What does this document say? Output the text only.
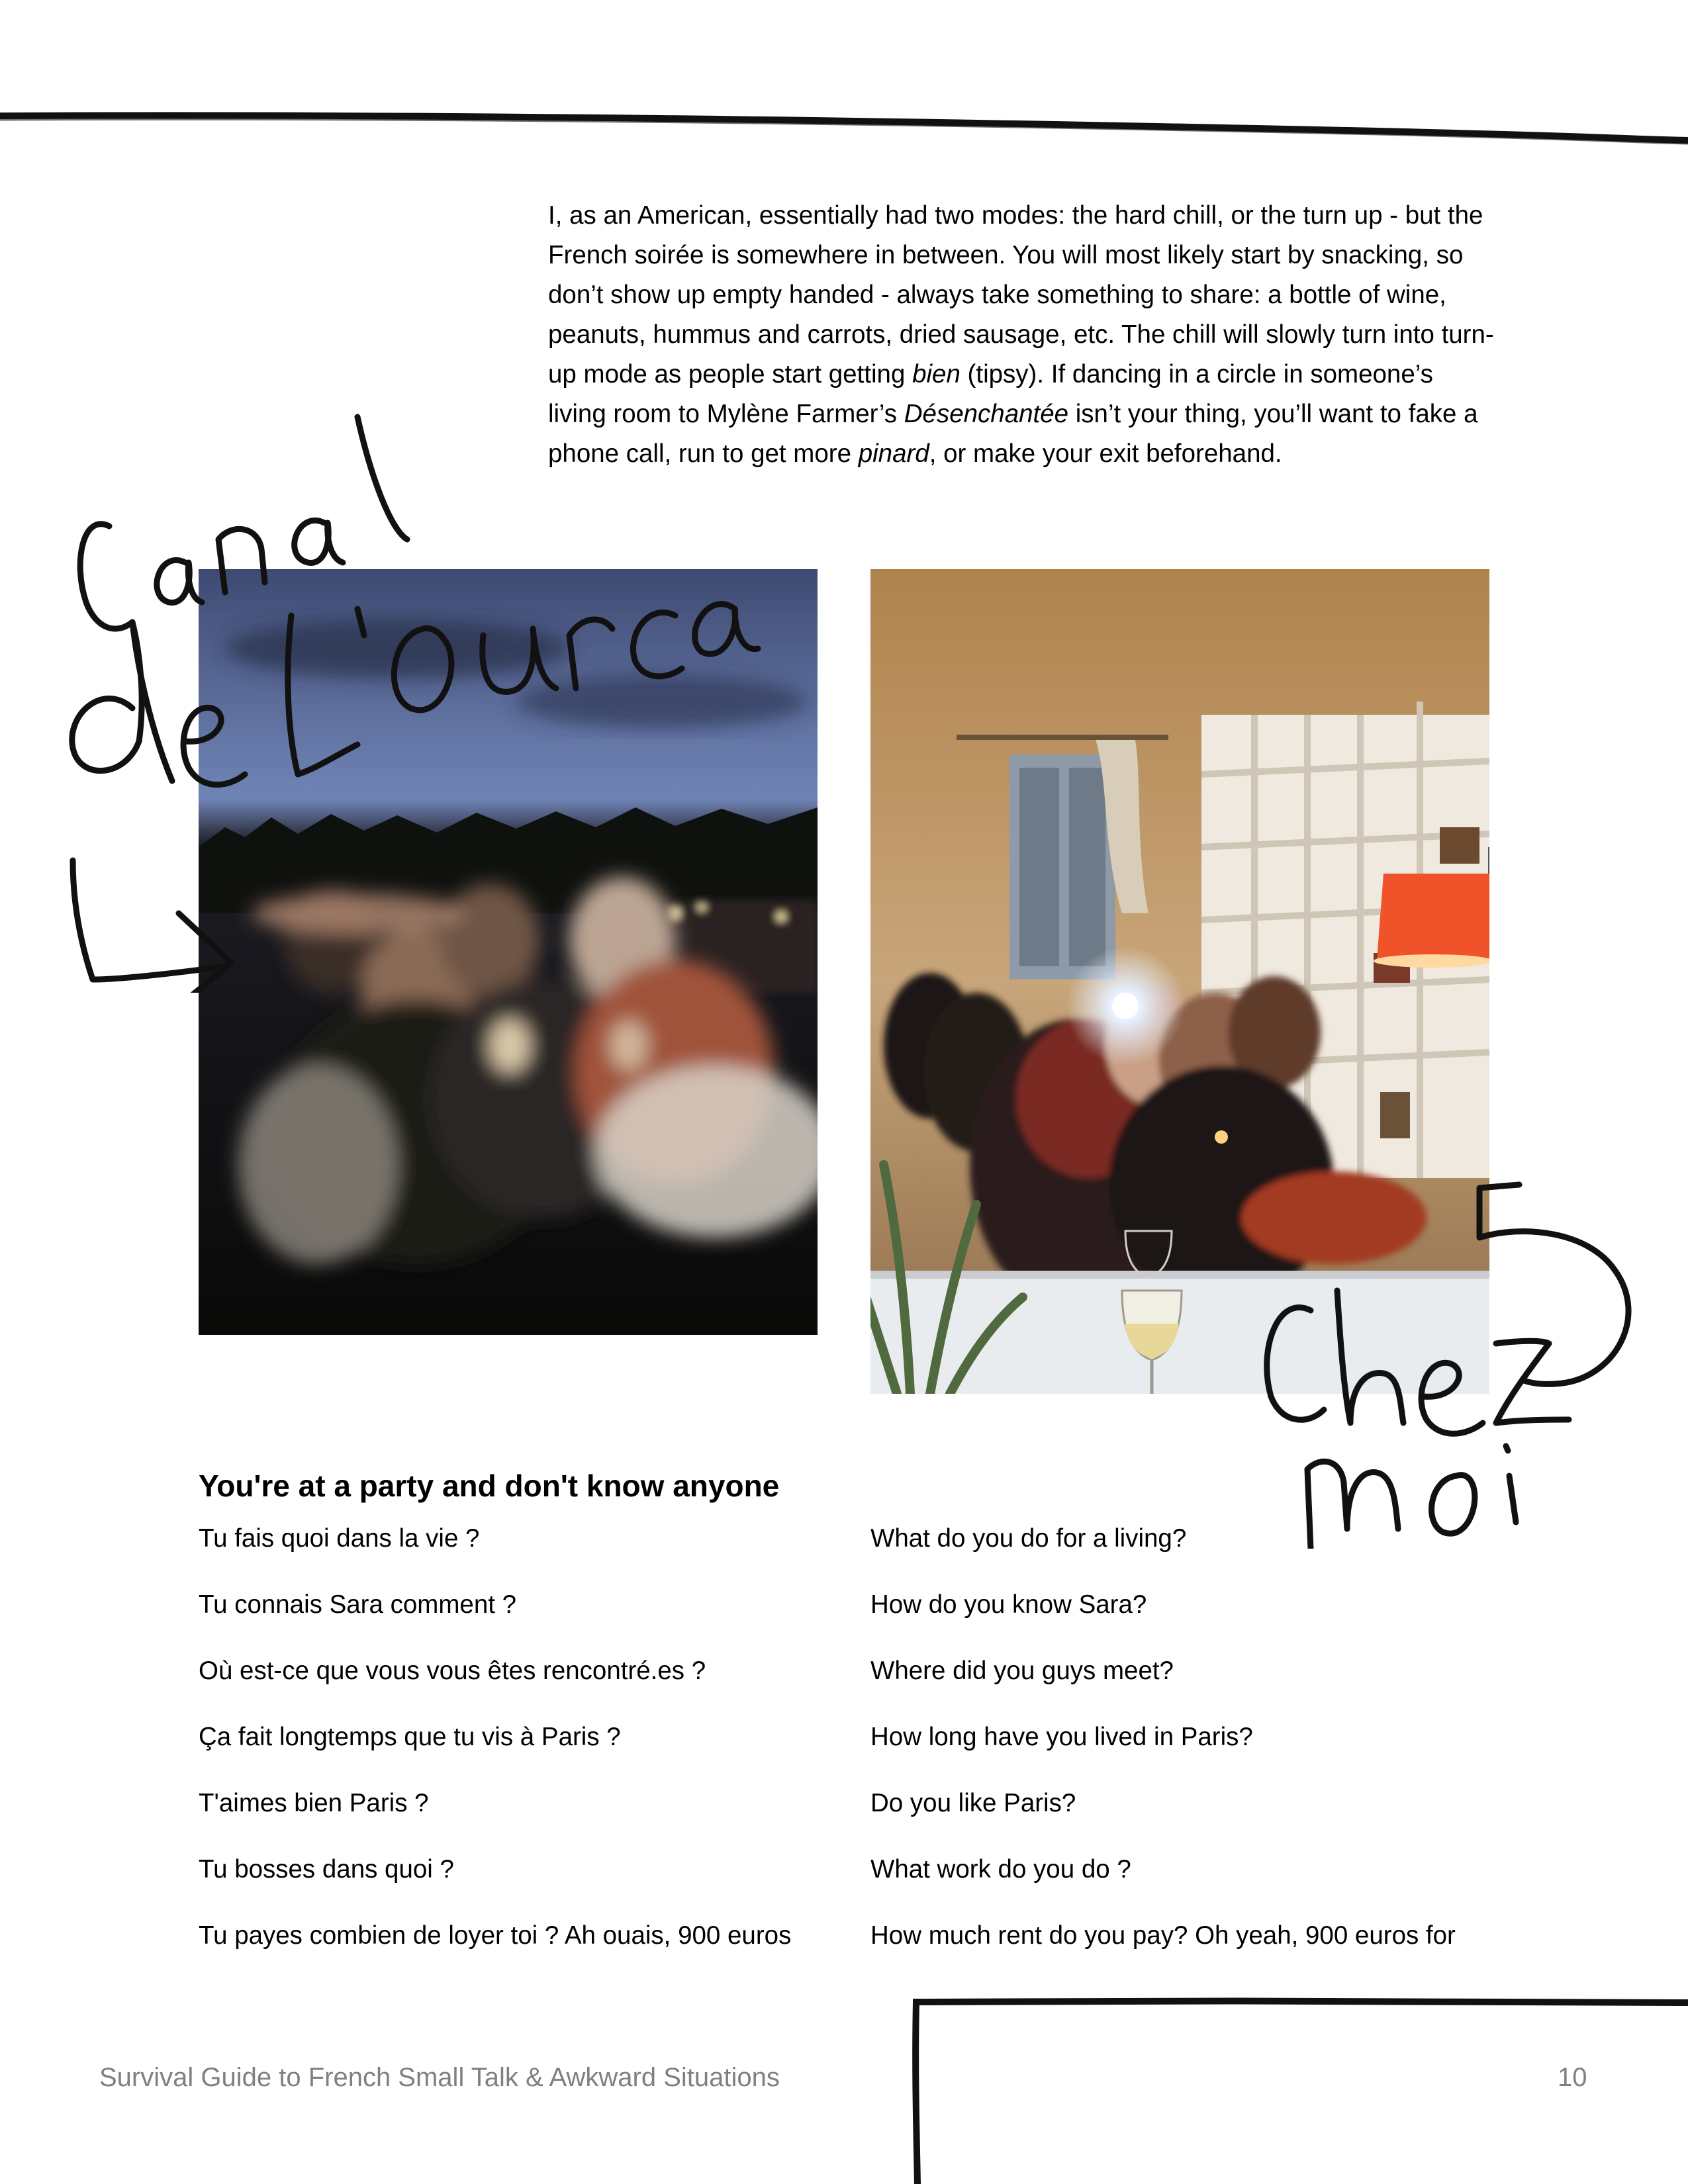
I, as an American, essentially had two modes: the hard chill, or the turn up - but the French soirée is somewhere in between. You will most likely start by snacking, so don’t show up empty handed - always take something to share: a bottle of wine, peanuts, hummus and carrots, dried sausage, etc. The chill will slowly turn into turn-up mode as people start getting bien (tipsy). If dancing in a circle in someone’s living room to Mylène Farmer’s Désenchantée isn’t your thing, you’ll want to fake a phone call, run to get more pinard, or make your exit beforehand.
You're at a party and don't know anyone
Tu fais quoi dans la vie ?	What do you do for a living?
Tu connais Sara comment ?	How do you know Sara?
Où est-ce que vous vous êtes rencontré.es ?	Where did you guys meet?
Ça fait longtemps que tu vis à Paris ?	How long have you lived in Paris?
T'aimes bien Paris ?	Do you like Paris?
Tu bosses dans quoi ?	What work do you do ?
Tu payes combien de loyer toi ? Ah ouais, 900 euros	How much rent do you pay? Oh yeah, 900 euros for
Survival Guide to French Small Talk & Awkward Situations	10
